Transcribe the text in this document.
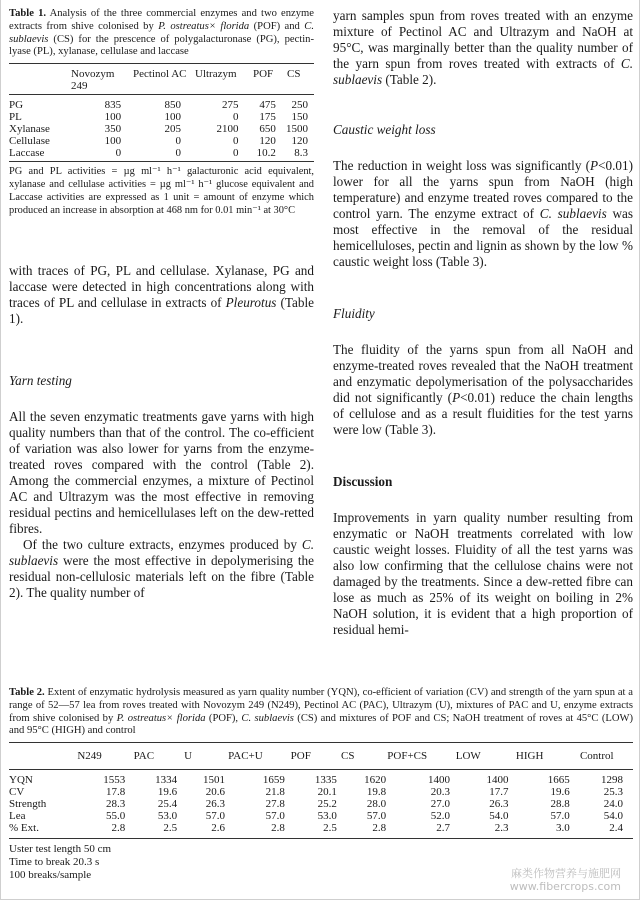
Table 1. Analysis of the three commercial enzymes and two enzyme extracts from shive colonised by P. ostreatus× florida (POF) and C. sublaevis (CS) for the prescence of polygalacturonase (PG), pectin-lyase (PL), xylanase, cellulase and laccase
	Novozym 249	Pectinol AC	Ultrazym	POF	CS
PG	835	850	275	475	250
PL	100	100	0	175	150
Xylanase	350	205	2100	650	1500
Cellulase	100	0	0	120	120
Laccase	0	0	0	10.2	8.3
PG and PL activities = µg ml⁻¹ h⁻¹ galacturonic acid equivalent, xylanase and cellulase activities = µg ml⁻¹ h⁻¹ glucose equivalent and Laccase activities are expressed as 1 unit = amount of enzyme which produced an increase in absorption at 468 nm for 0.01 min⁻¹ at 30°C

with traces of PG, PL and cellulase. Xylanase, PG and laccase were detected in high concentrations along with traces of PL and cellulase in extracts of Pleurotus (Table 1).

Yarn testing

All the seven enzymatic treatments gave yarns with high quality numbers than that of the control. The co-efficient of variation was also lower for yarns from the enzyme-treated roves compared with the control (Table 2). Among the commercial enzymes, a mixture of Pectinol AC and Ultrazym was the most effective in removing residual pectins and hemicellulases left on the dew-retted fibres.

Of the two culture extracts, enzymes produced by C. sublaevis were the most effective in depolymerising the residual non-cellulosic materials left on the fibre (Table 2). The quality number of

yarn samples spun from roves treated with an enzyme mixture of Pectinol AC and Ultrazym and NaOH at 95°C, was marginally better than the quality number of the yarn spun from roves treated with extracts of C. sublaevis (Table 2).

Caustic weight loss

The reduction in weight loss was significantly (P<0.01) lower for all the yarns spun from NaOH (high temperature) and enzyme treated roves compared to the control yarn. The enzyme extract of C. sublaevis was most effective in the removal of the residual hemicelluloses, pectin and lignin as shown by the low % caustic weight loss (Table 3).

Fluidity

The fluidity of the yarns spun from all NaOH and enzyme-treated roves revealed that the NaOH treatment and enzymatic depolymerisation of the polysaccharides did not significantly (P<0.01) reduce the chain lengths of cellulose and as a result fluidities for the test yarns were low (Table 3).

Discussion

Improvements in yarn quality number resulting from enzymatic or NaOH treatments correlated with low caustic weight losses. Fluidity of all the test yarns was also low confirming that the cellulose chains were not damaged by the treatments. Since a dew-retted fibre can lose as much as 25% of its weight on boiling in 2% NaOH solution, it is evident that a high proportion of residual hemi-

Table 2. Extent of enzymatic hydrolysis measured as yarn quality number (YQN), co-efficient of variation (CV) and strength of the yarn spun at a range of 52—57 lea from roves treated with Novozym 249 (N249), Pectinol AC (PAC), Ultrazym (U), mixtures of PAC and U, enzyme extracts from shive colonised by P. ostreatus× florida (POF), C. sublaevis (CS) and mixtures of POF and CS; NaOH treatment of roves at 45°C (LOW) and 95°C (HIGH) and control
	N249	PAC	U	PAC+U	POF	CS	POF+CS	LOW	HIGH	Control
YQN	1553	1334	1501	1659	1335	1620	1400	1400	1665	1298
CV	17.8	19.6	20.6	21.8	20.1	19.8	20.3	17.7	19.6	25.3
Strength	28.3	25.4	26.3	27.8	25.2	28.0	27.0	26.3	28.8	24.0
Lea	55.0	53.0	57.0	57.0	53.0	57.0	52.0	54.0	57.0	54.0
% Ext.	2.8	2.5	2.6	2.8	2.5	2.8	2.7	2.3	3.0	2.4
Uster test length 50 cm
Time to break 20.3 s
100 breaks/sample	麻类作物营养与施肥网
www.fibercrops.com
